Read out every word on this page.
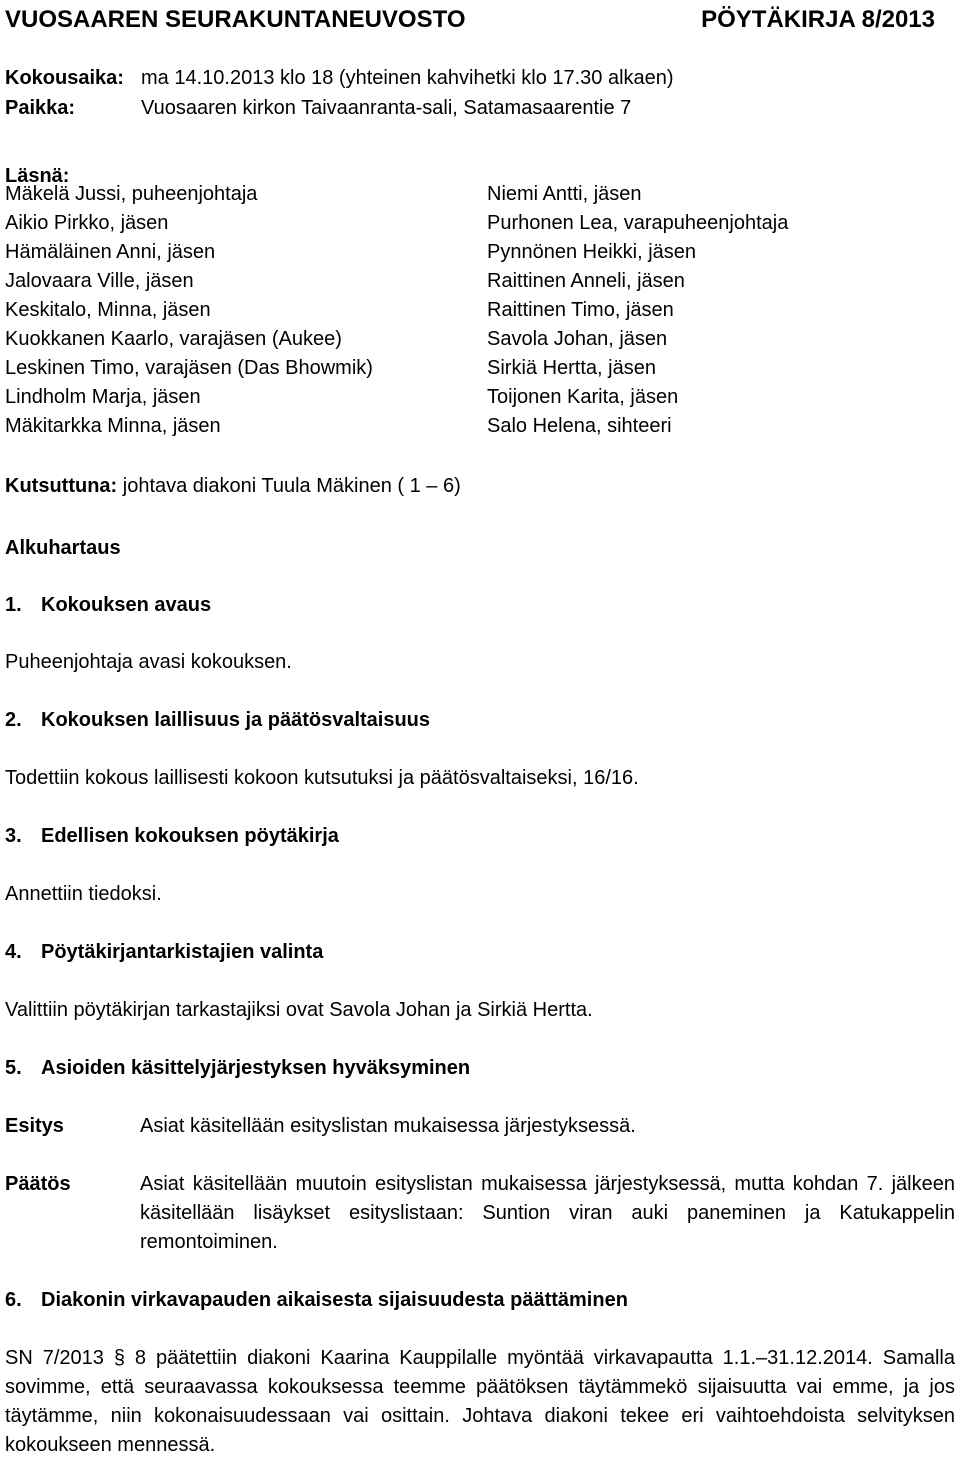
VUOSAAREN SEURAKUNTANEUVOSTO	PÖYTÄKIRJA 8/2013
Kokousaika: ma 14.10.2013 klo 18 (yhteinen kahvihetki klo 17.30 alkaen)
Paikka:	Vuosaaren kirkon Taivaanranta-sali, Satamasaarentie 7
Läsnä:
Mäkelä Jussi, puheenjohtaja
Aikio Pirkko, jäsen
Hämäläinen Anni, jäsen
Jalovaara Ville, jäsen
Keskitalo, Minna, jäsen
Kuokkanen Kaarlo, varajäsen (Aukee)
Leskinen Timo, varajäsen (Das Bhowmik)
Lindholm Marja, jäsen
Mäkitarkka Minna, jäsen
Niemi Antti, jäsen
Purhonen Lea, varapuheenjohtaja
Pynnönen Heikki, jäsen
Raittinen Anneli, jäsen
Raittinen Timo, jäsen
Savola Johan, jäsen
Sirkiä Hertta, jäsen
Toijonen Karita, jäsen
Salo Helena, sihteeri
Kutsuttuna: johtava diakoni Tuula Mäkinen ( 1 – 6)
Alkuhartaus
1. Kokouksen avaus
Puheenjohtaja avasi kokouksen.
2. Kokouksen laillisuus ja päätösvaltaisuus
Todettiin kokous laillisesti kokoon kutsutuksi ja päätösvaltaiseksi, 16/16.
3. Edellisen kokouksen pöytäkirja
Annettiin tiedoksi.
4. Pöytäkirjantarkistajien valinta
Valittiin pöytäkirjan tarkastajiksi ovat Savola Johan ja Sirkiä Hertta.
5. Asioiden käsittelyjärjestyksen hyväksyminen
Esitys	Asiat käsitellään esityslistan mukaisessa järjestyksessä.
Päätös	Asiat käsitellään muutoin esityslistan mukaisessa järjestyksessä, mutta kohdan 7. jälkeen käsitellään lisäykset esityslistaan: Suntion viran auki paneminen ja Katukappelin remontoiminen.
6. Diakonin virkavapauden aikaisesta sijaisuudesta päättäminen
SN 7/2013 § 8 päätettiin diakoni Kaarina Kauppilalle myöntää virkavapautta 1.1.–31.12.2014. Samalla sovimme, että seuraavassa kokouksessa teemme päätöksen täytämmekö sijaisuutta vai emme, ja jos täytämme, niin kokonaisuudessaan vai osittain. Johtava diakoni tekee eri vaihtoehdoista selvityksen kokoukseen mennessä.
